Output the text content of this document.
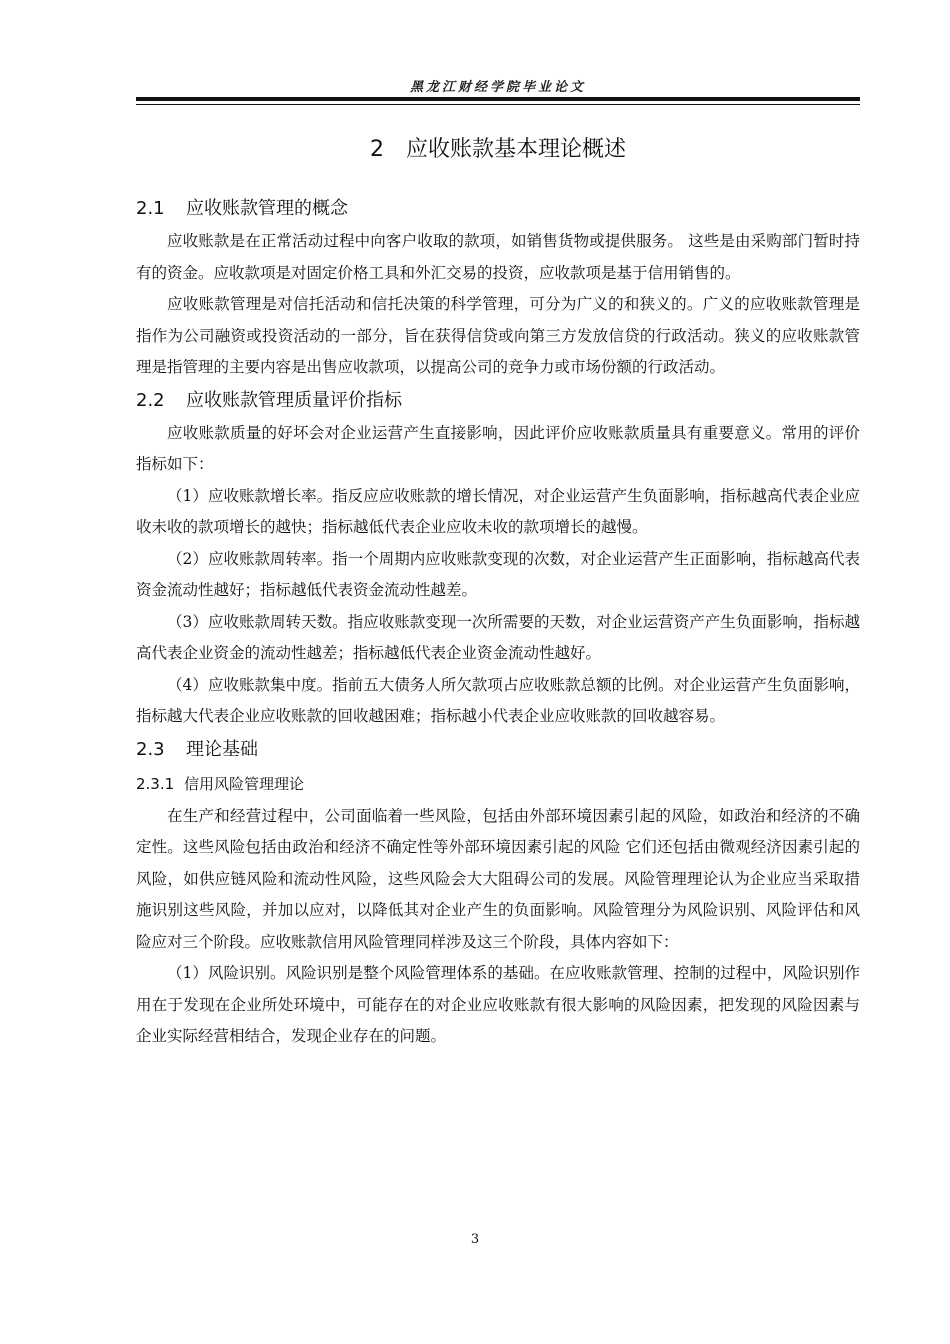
黑龙江财经学院毕业论文
2 应收账款基本理论概述
2.1 应收账款管理的概念

应收账款是在正常活动过程中向客户收取的款项，如销售货物或提供服务。 这些是由采购部门暂时持有的资金。应收款项是对固定价格工具和外汇交易的投资，应收款项是基于信用销售的。

应收账款管理是对信托活动和信托决策的科学管理，可分为广义的和狭义的。广义的应收账款管理是指作为公司融资或投资活动的一部分，旨在获得信贷或向第三方发放信贷的行政活动。狭义的应收账款管理是指管理的主要内容是出售应收款项，以提高公司的竞争力或市场份额的行政活动。

2.2 应收账款管理质量评价指标

应收账款质量的好坏会对企业运营产生直接影响，因此评价应收账款质量具有重要意义。常用的评价指标如下：

（1）应收账款增长率。指反应应收账款的增长情况，对企业运营产生负面影响，指标越高代表企业应收未收的款项增长的越快；指标越低代表企业应收未收的款项增长的越慢。

（2）应收账款周转率。指一个周期内应收账款变现的次数，对企业运营产生正面影响，指标越高代表资金流动性越好；指标越低代表资金流动性越差。

（3）应收账款周转天数。指应收账款变现一次所需要的天数，对企业运营资产产生负面影响，指标越高代表企业资金的流动性越差；指标越低代表企业资金流动性越好。

（4）应收账款集中度。指前五大债务人所欠款项占应收账款总额的比例。对企业运营产生负面影响，指标越大代表企业应收账款的回收越困难；指标越小代表企业应收账款的回收越容易。

2.3 理论基础
2.3.1 信用风险管理理论

在生产和经营过程中，公司面临着一些风险，包括由外部环境因素引起的风险，如政治和经济的不确定性。这些风险包括由政治和经济不确定性等外部环境因素引起的风险 它们还包括由微观经济因素引起的风险，如供应链风险和流动性风险，这些风险会大大阻碍公司的发展。风险管理理论认为企业应当采取措施识别这些风险，并加以应对，以降低其对企业产生的负面影响。风险管理分为风险识别、风险评估和风险应对三个阶段。应收账款信用风险管理同样涉及这三个阶段，具体内容如下：

（1）风险识别。风险识别是整个风险管理体系的基础。在应收账款管理、控制的过程中，风险识别作用在于发现在企业所处环境中，可能存在的对企业应收账款有很大影响的风险因素，把发现的风险因素与企业实际经营相结合，发现企业存在的问题。

3
